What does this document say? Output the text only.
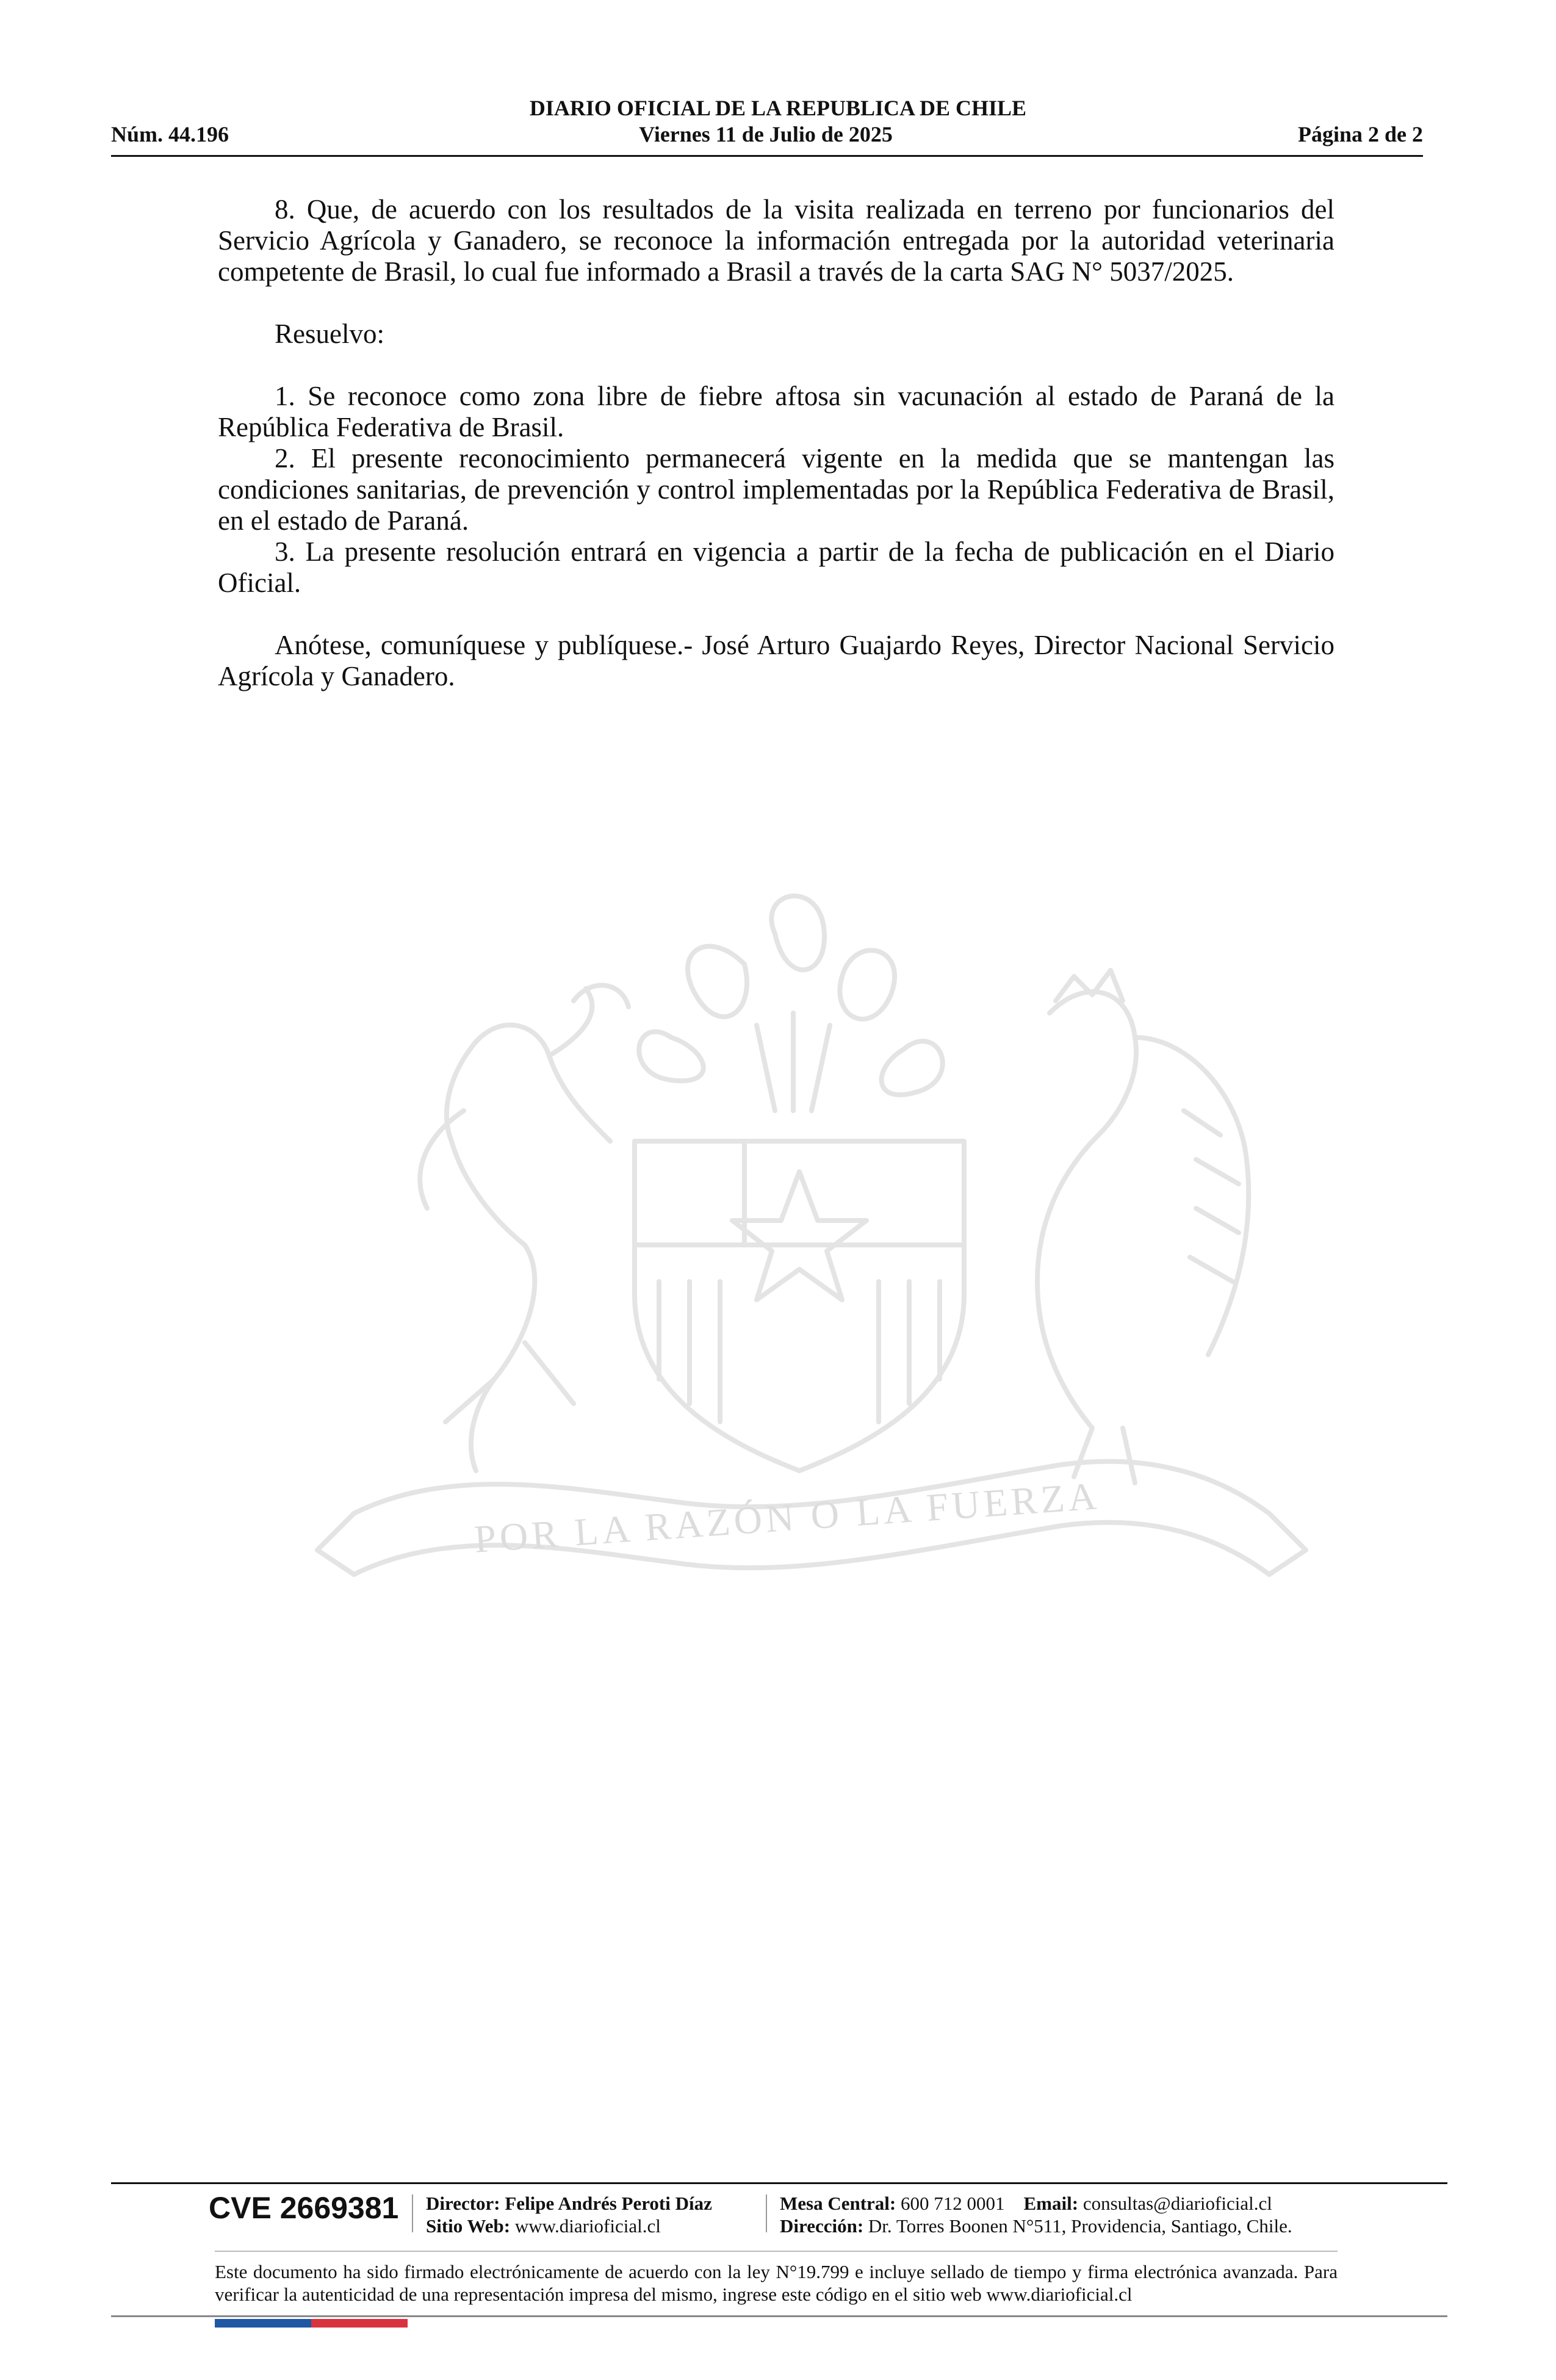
DIARIO OFICIAL DE LA REPUBLICA DE CHILE
Núm. 44.196	Viernes 11 de Julio de 2025	Página 2 de 2

8. Que, de acuerdo con los resultados de la visita realizada en terreno por funcionarios del Servicio Agrícola y Ganadero, se reconoce la información entregada por la autoridad veterinaria competente de Brasil, lo cual fue informado a Brasil a través de la carta SAG N° 5037/2025.

Resuelvo:

1. Se reconoce como zona libre de fiebre aftosa sin vacunación al estado de Paraná de la República Federativa de Brasil.

2. El presente reconocimiento permanecerá vigente en la medida que se mantengan las condiciones sanitarias, de prevención y control implementadas por la República Federativa de Brasil, en el estado de Paraná.

3. La presente resolución entrará en vigencia a partir de la fecha de publicación en el Diario Oficial.

Anótese, comuníquese y publíquese.- José Arturo Guajardo Reyes, Director Nacional Servicio Agrícola y Ganadero.

POR LA RAZÓN O LA FUERZA
CVE 2669381 Director: Felipe Andrés Peroti Díaz
Sitio Web: www.diarioficial.cl
Mesa Central: 600 712 0001 Email: consultas@diarioficial.cl
Dirección: Dr. Torres Boonen N°511, Providencia, Santiago, Chile.
Este documento ha sido firmado electrónicamente de acuerdo con la ley N°19.799 e incluye sellado de tiempo y firma electrónica avanzada. Para verificar la autenticidad de una representación impresa del mismo, ingrese este código en el sitio web www.diarioficial.cl
